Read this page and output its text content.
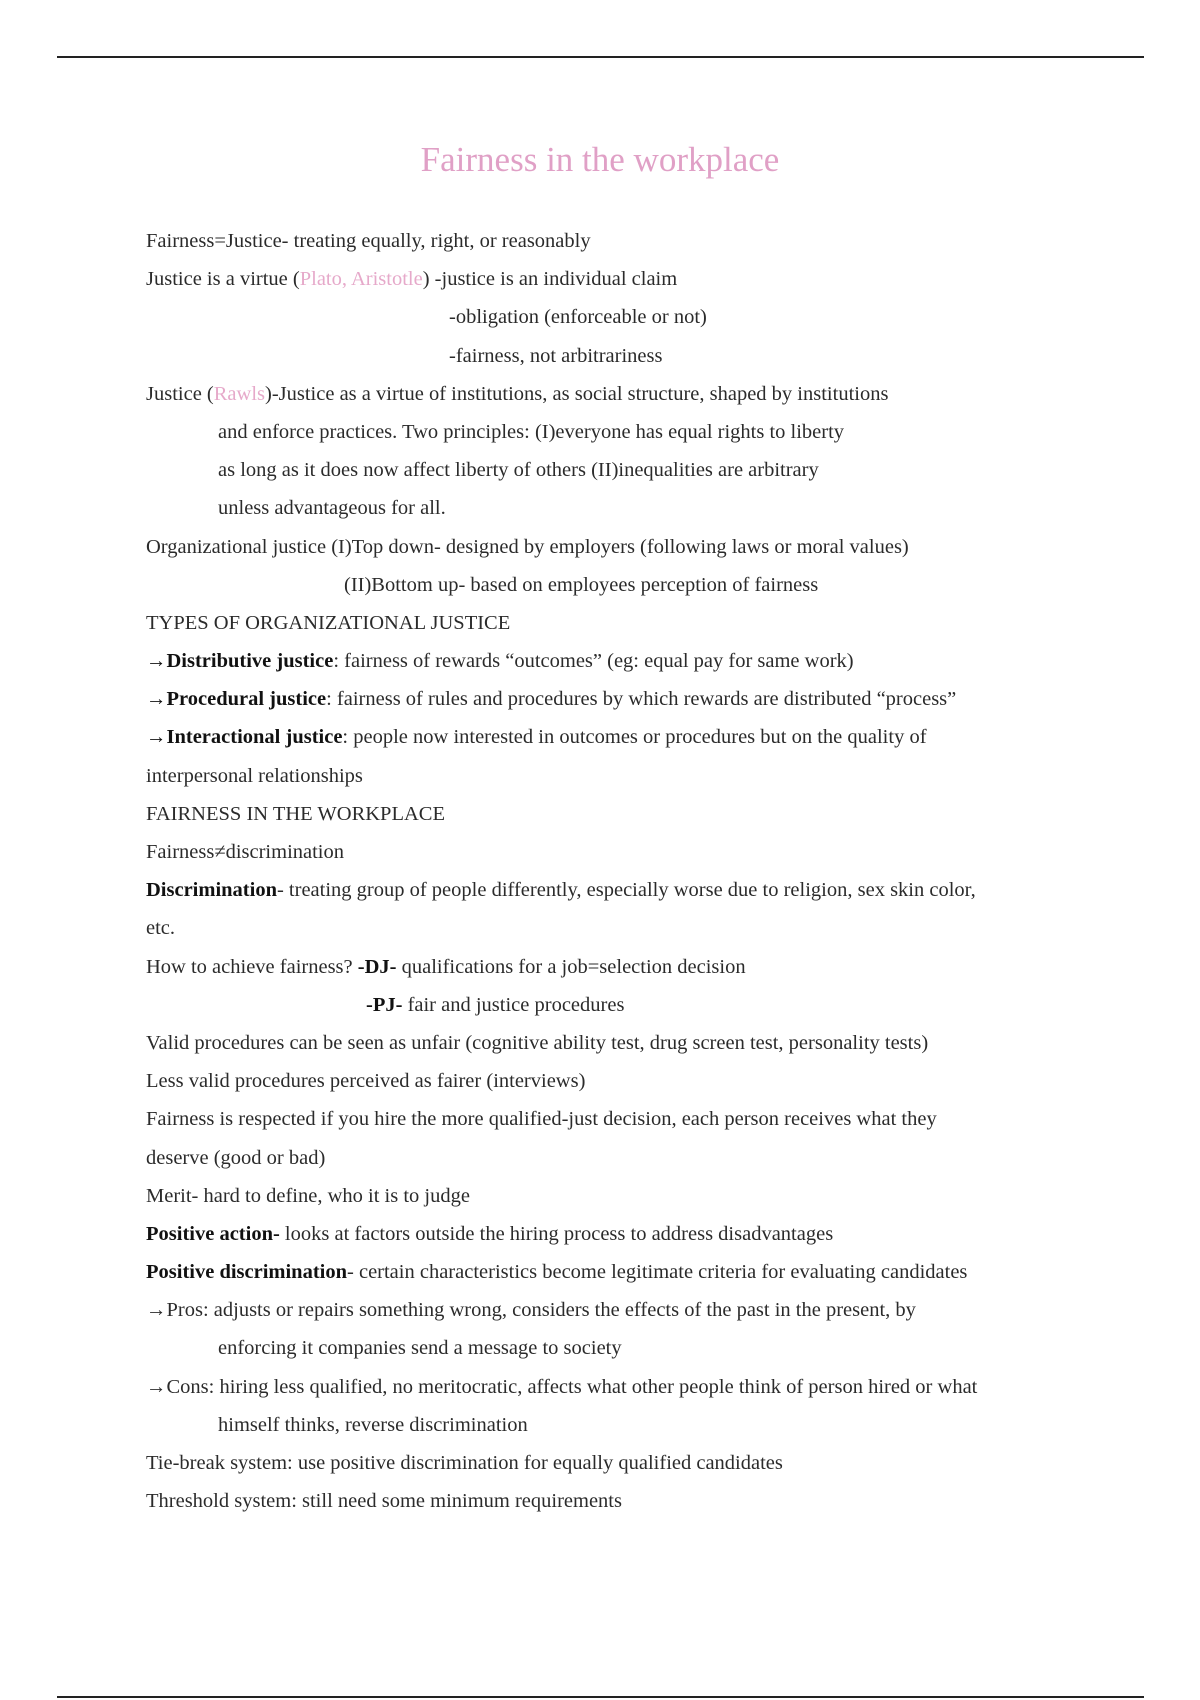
Fairness in the workplace
Fairness=Justice- treating equally, right, or reasonably
Justice is a virtue (Plato, Aristotle) -justice is an individual claim
-obligation (enforceable or not)
-fairness, not arbitrariness
Justice (Rawls)-Justice as a virtue of institutions, as social structure, shaped by institutions
and enforce practices. Two principles: (I)everyone has equal rights to liberty
as long as it does now affect liberty of others (II)inequalities are arbitrary
unless advantageous for all.
Organizational justice (I)Top down- designed by employers (following laws or moral values)
(II)Bottom up- based on employees perception of fairness
TYPES OF ORGANIZATIONAL JUSTICE
→Distributive justice: fairness of rewards “outcomes” (eg: equal pay for same work)
→Procedural justice: fairness of rules and procedures by which rewards are distributed “process”
→Interactional justice: people now interested in outcomes or procedures but on the quality of
interpersonal relationships
FAIRNESS IN THE WORKPLACE
Fairness≠discrimination
Discrimination- treating group of people differently, especially worse due to religion, sex skin color,
etc.
How to achieve fairness? -DJ- qualifications for a job=selection decision
-PJ- fair and justice procedures
Valid procedures can be seen as unfair (cognitive ability test, drug screen test, personality tests)
Less valid procedures perceived as fairer (interviews)
Fairness is respected if you hire the more qualified-just decision, each person receives what they
deserve (good or bad)
Merit- hard to define, who it is to judge
Positive action- looks at factors outside the hiring process to address disadvantages
Positive discrimination- certain characteristics become legitimate criteria for evaluating candidates
→Pros: adjusts or repairs something wrong, considers the effects of the past in the present, by
enforcing it companies send a message to society
→Cons: hiring less qualified, no meritocratic, affects what other people think of person hired or what
himself thinks, reverse discrimination
Tie-break system: use positive discrimination for equally qualified candidates
Threshold system: still need some minimum requirements
